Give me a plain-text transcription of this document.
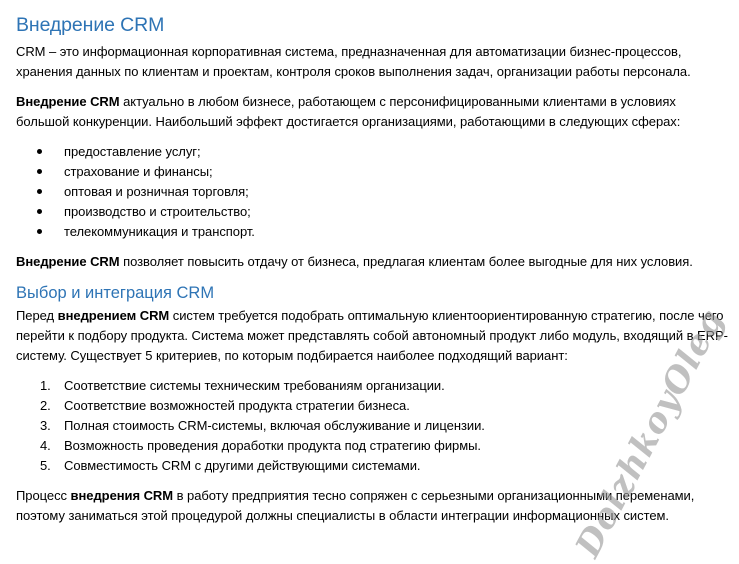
Внедрение CRM

CRM – это информационная корпоративная система, предназначенная для автоматизации бизнес-процессов, хранения данных по клиентам и проектам, контроля сроков выполнения задач, организации работы персонала.

Внедрение CRM актуально в любом бизнесе, работающем с персонифицированными клиентами в условиях большой конкуренции. Наибольший эффект достигается организациями, работающими в следующих сферах:

предоставление услуг;
страхование и финансы;
оптовая и розничная торговля;
производство и строительство;
телекоммуникация и транспорт.

Внедрение CRM позволяет повысить отдачу от бизнеса, предлагая клиентам более выгодные для них условия.

Выбор и интеграция CRM

Перед внедрением CRM систем требуется подобрать оптимальную клиентоориентированную стратегию, после чего перейти к подбору продукта. Система может представлять собой автономный продукт либо модуль, входящий в ERP-систему. Существует 5 критериев, по которым подбирается наиболее подходящий вариант:

1. Соответствие системы техническим требованиям организации.
2. Соответствие возможностей продукта стратегии бизнеса.
3. Полная стоимость CRM-системы, включая обслуживание и лицензии.
4. Возможность проведения доработки продукта под стратегию фирмы.
5. Совместимость CRM с другими действующими системами.

Процесс внедрения CRM в работу предприятия тесно сопряжен с серьезными организационными переменами, поэтому заниматься этой процедурой должны специалисты в области интеграции информационных систем.

DolzhkoyOleg
